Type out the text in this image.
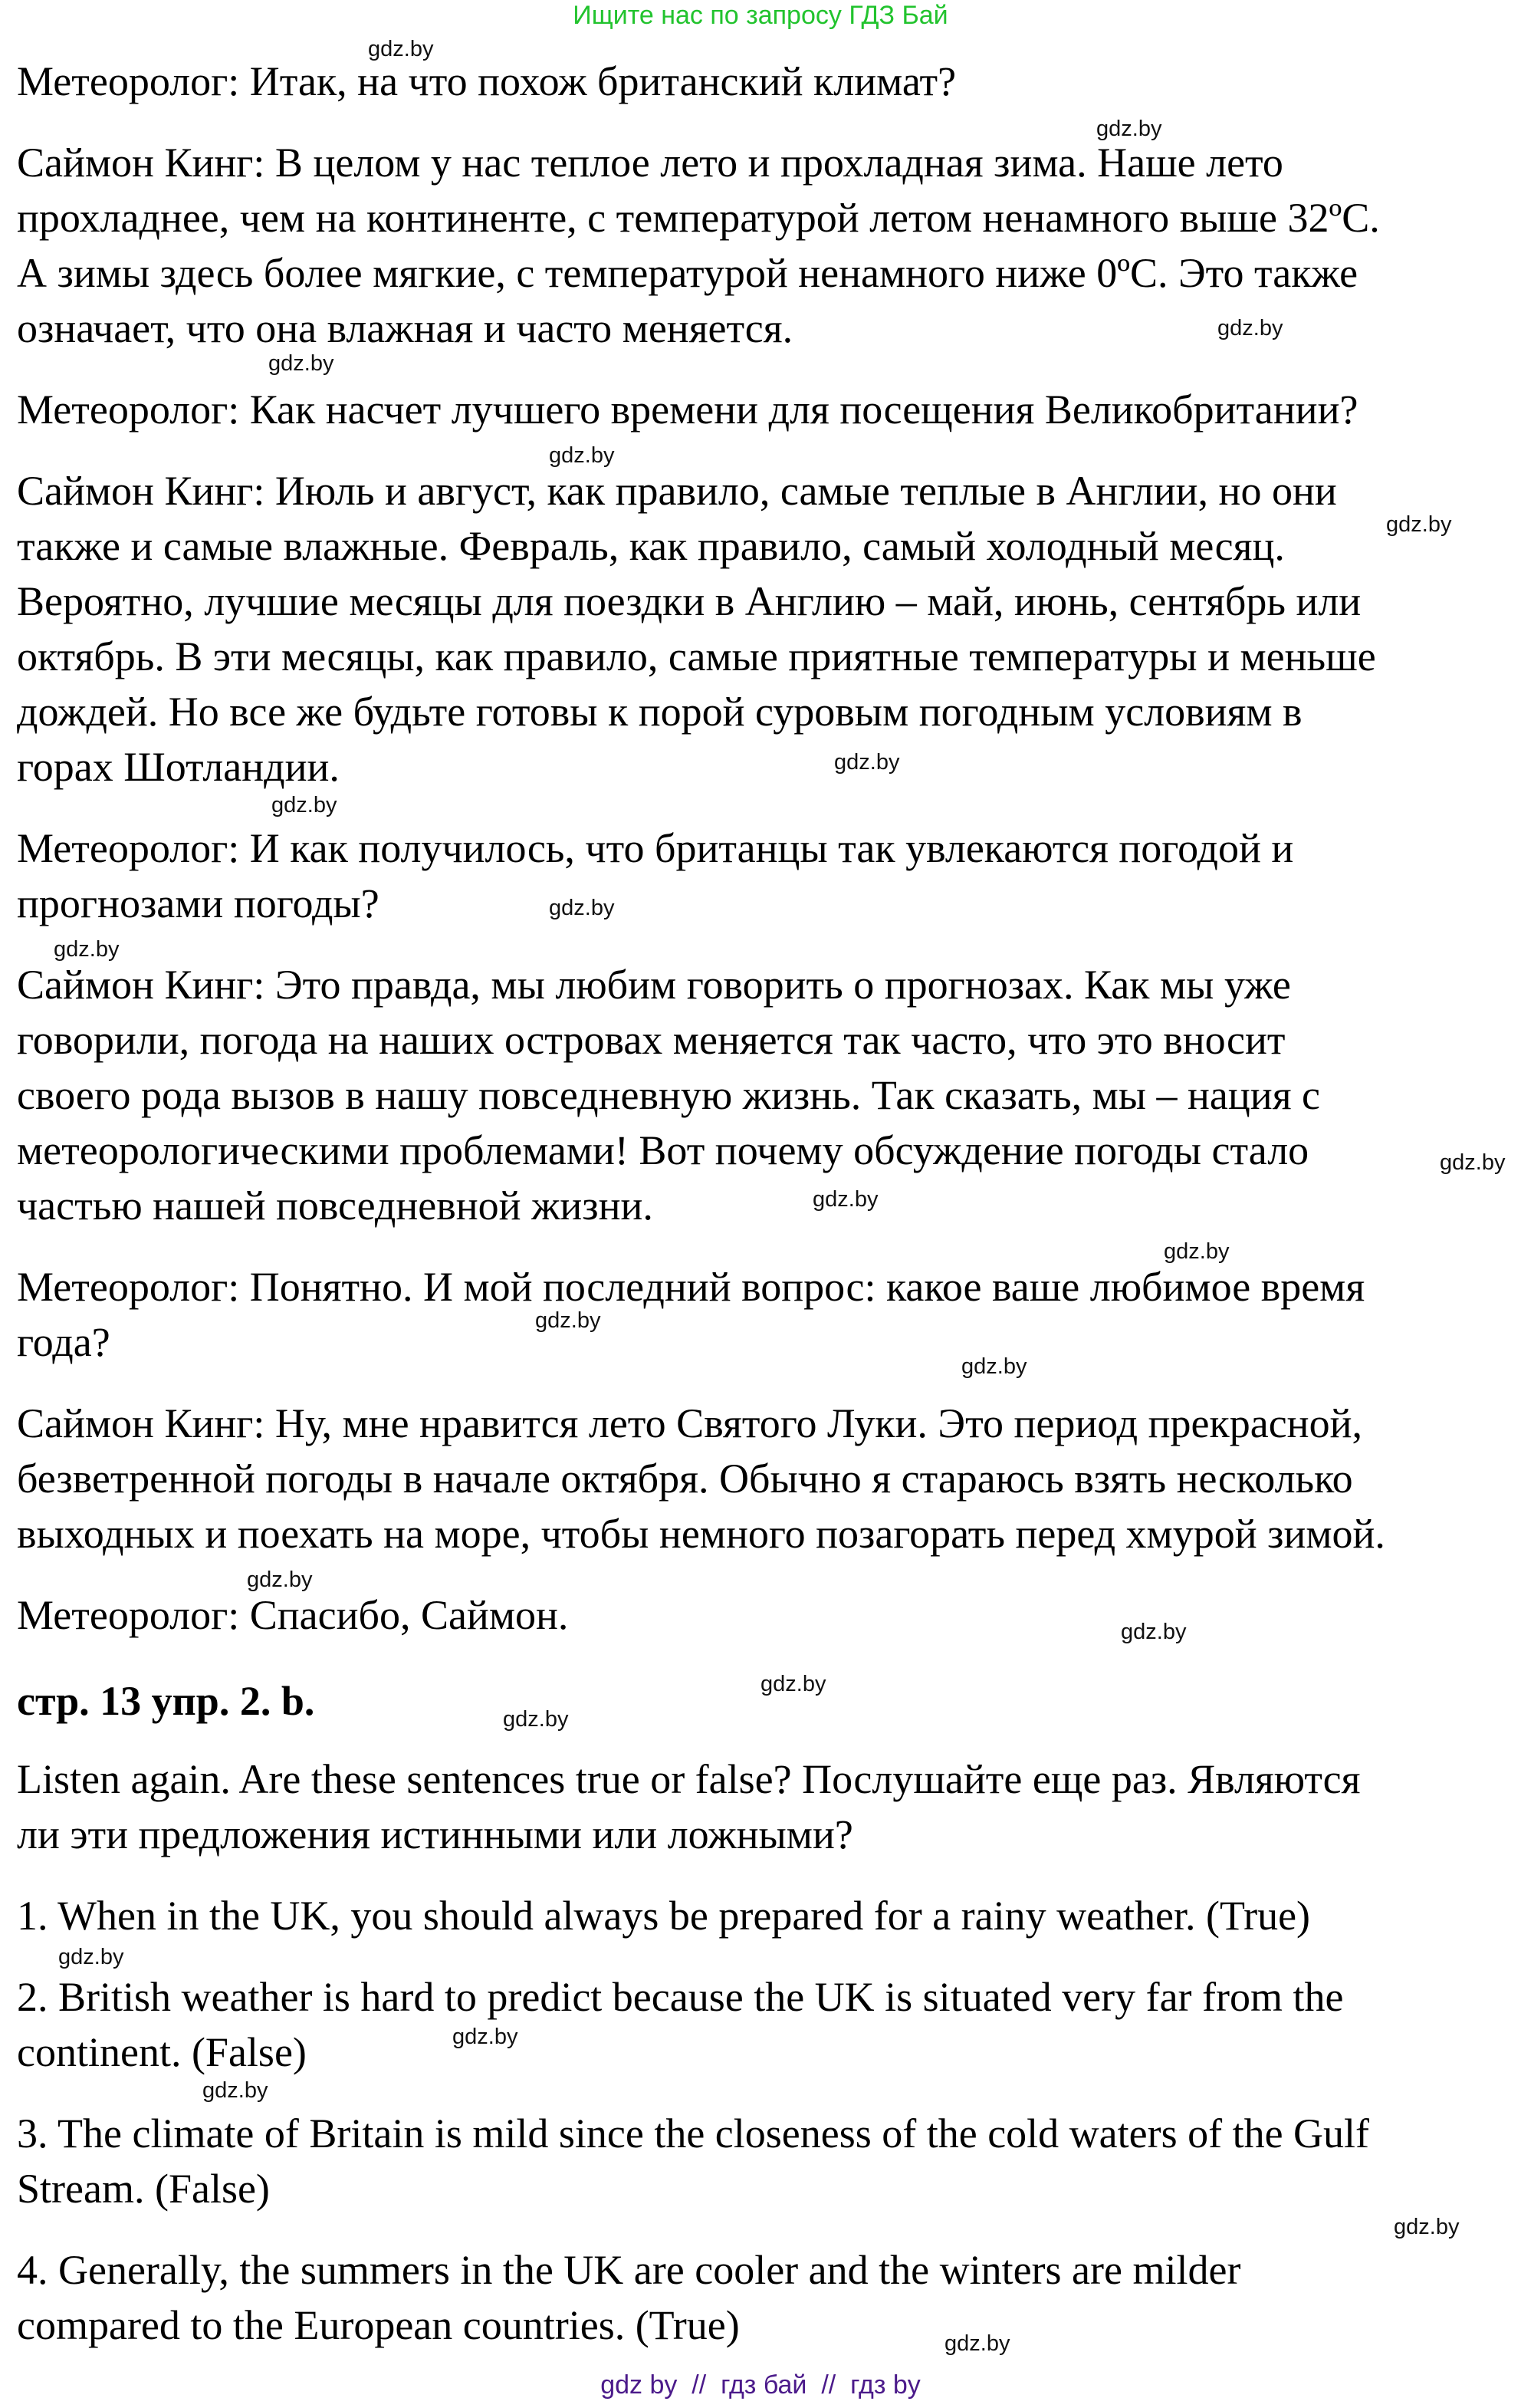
Ищите нас по запросу ГДЗ Бай
Метеоролог: Итак, на что похож британский климат?
Саймон Кинг: В целом у нас теплое лето и прохладная зима. Наше лето
прохладнее, чем на континенте, с температурой летом ненамного выше 32ºC.
А зимы здесь более мягкие, с температурой ненамного ниже 0ºC. Это также
означает, что она влажная и часто меняется.
Метеоролог: Как насчет лучшего времени для посещения Великобритании?
Саймон Кинг: Июль и август, как правило, самые теплые в Англии, но они
также и самые влажные. Февраль, как правило, самый холодный месяц.
Вероятно, лучшие месяцы для поездки в Англию – май, июнь, сентябрь или
октябрь. В эти месяцы, как правило, самые приятные температуры и меньше
дождей. Но все же будьте готовы к порой суровым погодным условиям в
горах Шотландии.
Метеоролог: И как получилось, что британцы так увлекаются погодой и
прогнозами погоды?
Саймон Кинг: Это правда, мы любим говорить о прогнозах. Как мы уже
говорили, погода на наших островах меняется так часто, что это вносит
своего рода вызов в нашу повседневную жизнь. Так сказать, мы – нация с
метеорологическими проблемами! Вот почему обсуждение погоды стало
частью нашей повседневной жизни.
Метеоролог: Понятно. И мой последний вопрос: какое ваше любимое время
года?
Саймон Кинг: Ну, мне нравится лето Святого Луки. Это период прекрасной,
безветренной погоды в начале октября. Обычно я стараюсь взять несколько
выходных и поехать на море, чтобы немного позагорать перед хмурой зимой.
Метеоролог: Спасибо, Саймон.
стр. 13 упр. 2. b.
Listen again. Are these sentences true or false? Послушайте еще раз. Являются
ли эти предложения истинными или ложными?
1. When in the UK, you should always be prepared for a rainy weather. (True)
2. British weather is hard to predict because the UK is situated very far from the
continent. (False)
3. The climate of Britain is mild since the closeness of the cold waters of the Gulf
Stream. (False)
4. Generally, the summers in the UK are cooler and the winters are milder
compared to the European countries. (True)
gdz.by
gdz.by
gdz.by
gdz.by
gdz.by
gdz.by
gdz.by
gdz.by
gdz.by
gdz.by
gdz.by
gdz.by
gdz.by
gdz.by
gdz.by
gdz.by
gdz.by
gdz.by
gdz.by
gdz.by
gdz.by
gdz.by
gdz.by
gdz.by
gdz by  //  гдз бай  //  гдз by
